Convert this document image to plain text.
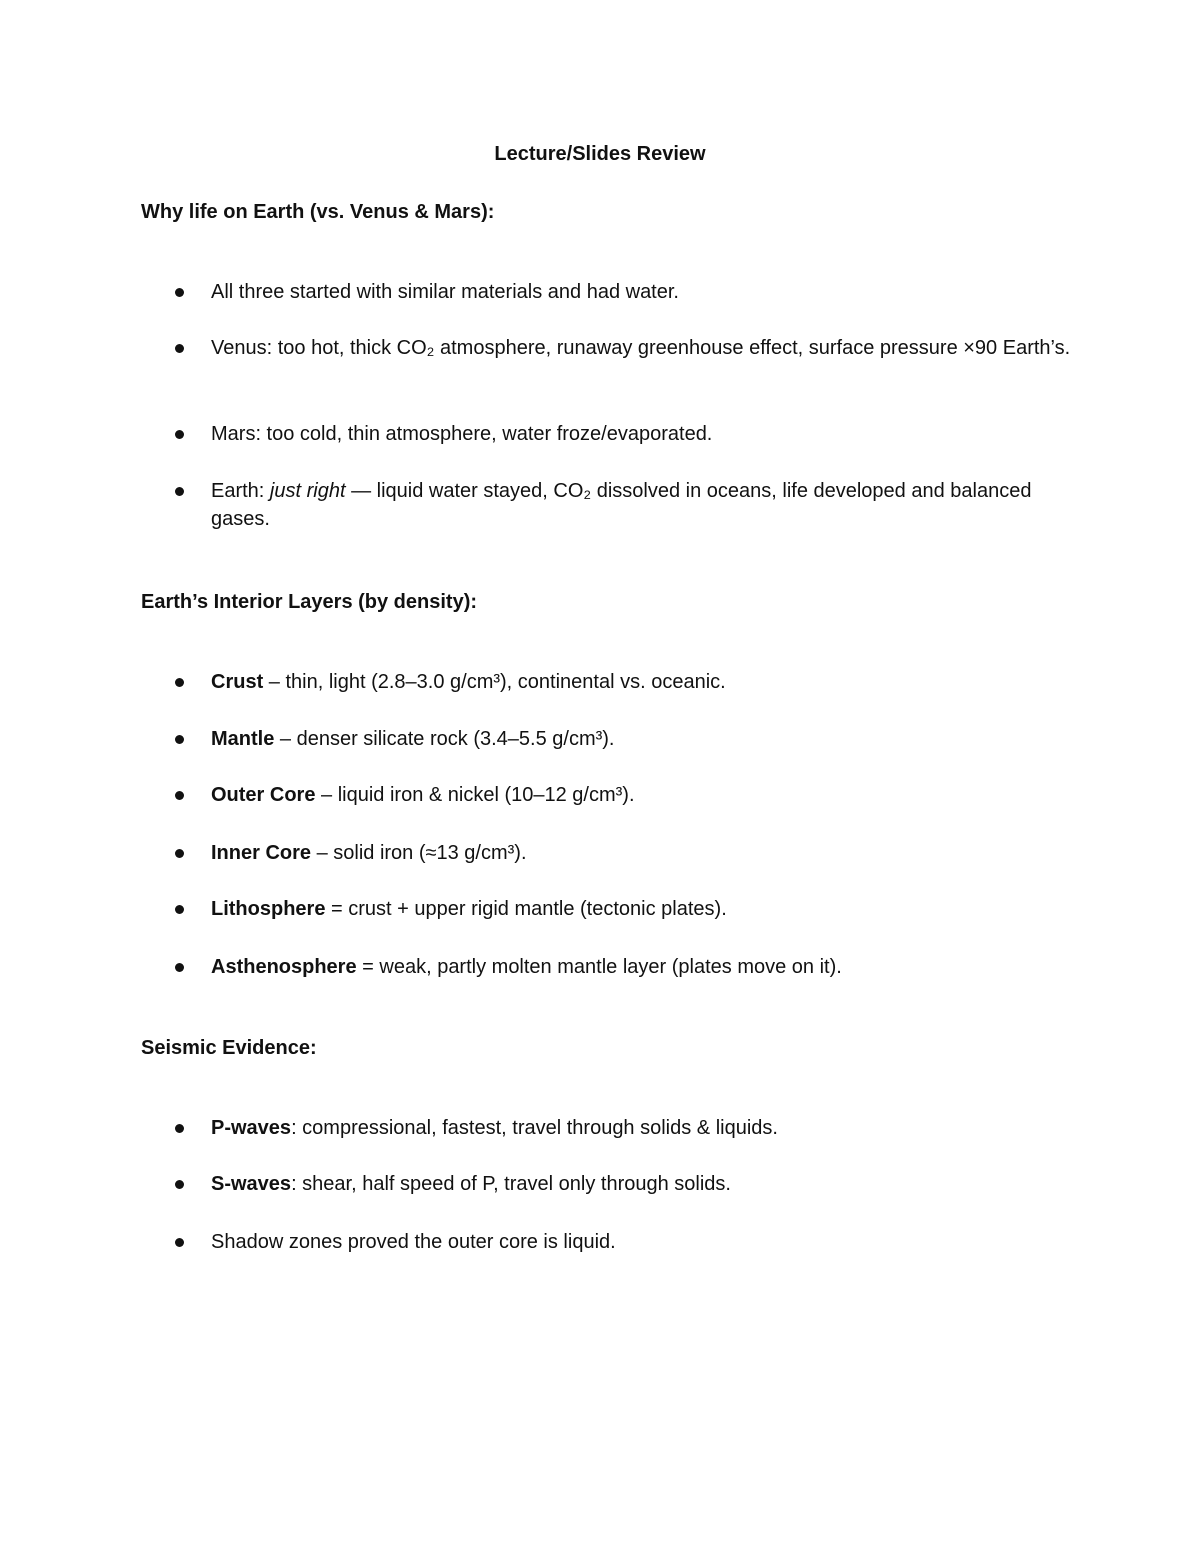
Lecture/Slides Review
Why life on Earth (vs. Venus & Mars):
All three started with similar materials and had water.
Venus: too hot, thick CO₂ atmosphere, runaway greenhouse effect, surface pressure ×90 Earth’s.
Mars: too cold, thin atmosphere, water froze/evaporated.
Earth: just right — liquid water stayed, CO₂ dissolved in oceans, life developed and balanced gases.
Earth’s Interior Layers (by density):
Crust – thin, light (2.8–3.0 g/cm³), continental vs. oceanic.
Mantle – denser silicate rock (3.4–5.5 g/cm³).
Outer Core – liquid iron & nickel (10–12 g/cm³).
Inner Core – solid iron (≈13 g/cm³).
Lithosphere = crust + upper rigid mantle (tectonic plates).
Asthenosphere = weak, partly molten mantle layer (plates move on it).
Seismic Evidence:
P-waves: compressional, fastest, travel through solids & liquids.
S-waves: shear, half speed of P, travel only through solids.
Shadow zones proved the outer core is liquid.
